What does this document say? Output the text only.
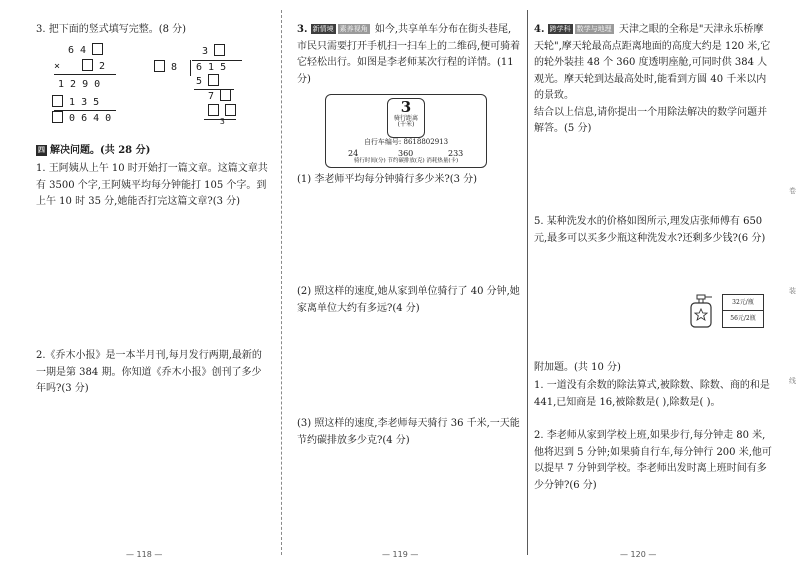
3. 把下面的竖式填写完整。(8 分)

6 4
×	2
1 2 9 0
1 3 5
0 6 4 0
3
8 6 1 5
5
7

3

四 解决问题。(共 28 分)

1. 王阿姨从上午 10 时开始打一篇文章。这篇文章共有 3500 个字,王阿姨平均每分钟能打 105 个字。到上午 10 时 35 分,她能否打完这篇文章?(3 分)

2.《乔木小报》是一本半月刊,每月发行两期,最新的一期是第 384 期。你知道《乔木小报》创刊了多少年吗?(3 分)

3. 新情境 素养视角 如今,共享单车分布在街头巷尾,市民只需要打开手机扫一扫车上的二维码,便可骑着它轻松出行。如图是李老师某次行程的详情。(11 分)

3
骑行距离
(千米)
自行车编号: 8618802913
24	360	233
骑行时间(分) 节约碳排放(克) 消耗热量(卡)

(1) 李老师平均每分钟骑行多少米?(3 分)

(2) 照这样的速度,她从家到单位骑行了 40 分钟,她家离单位大约有多远?(4 分)

(3) 照这样的速度,李老师每天骑行 36 千米,一天能节约碳排放多少克?(4 分)

4. 跨学科 数学与地理 天津之眼的全称是"天津永乐桥摩天轮",摩天轮最高点距离地面的高度大约是 120 米,它的轮外装挂 48 个 360 度透明座舱,可同时供 384 人观光。摩天轮到达最高处时,能看到方圆 40 千米以内的景致。

结合以上信息,请你提出一个用除法解决的数学问题并解答。(5 分)

5. 某种洗发水的价格如图所示,理发店张师傅有 650 元,最多可以买多少瓶这种洗发水?还剩多少钱?(6 分)

32元/瓶
56元/2瓶

附加题。(共 10 分)

1. 一道没有余数的除法算式,被除数、除数、商的和是 441,已知商是 16,被除数是( ),除数是( )。

2. 李老师从家到学校上班,如果步行,每分钟走 80 米,他将迟到 5 分钟;如果骑自行车,每分钟行 200 米,他可以提早 7 分钟到学校。李老师出发时离上班时间有多少分钟?(6 分)

— 118 —	— 119 —	— 120 —
卷
装
线
